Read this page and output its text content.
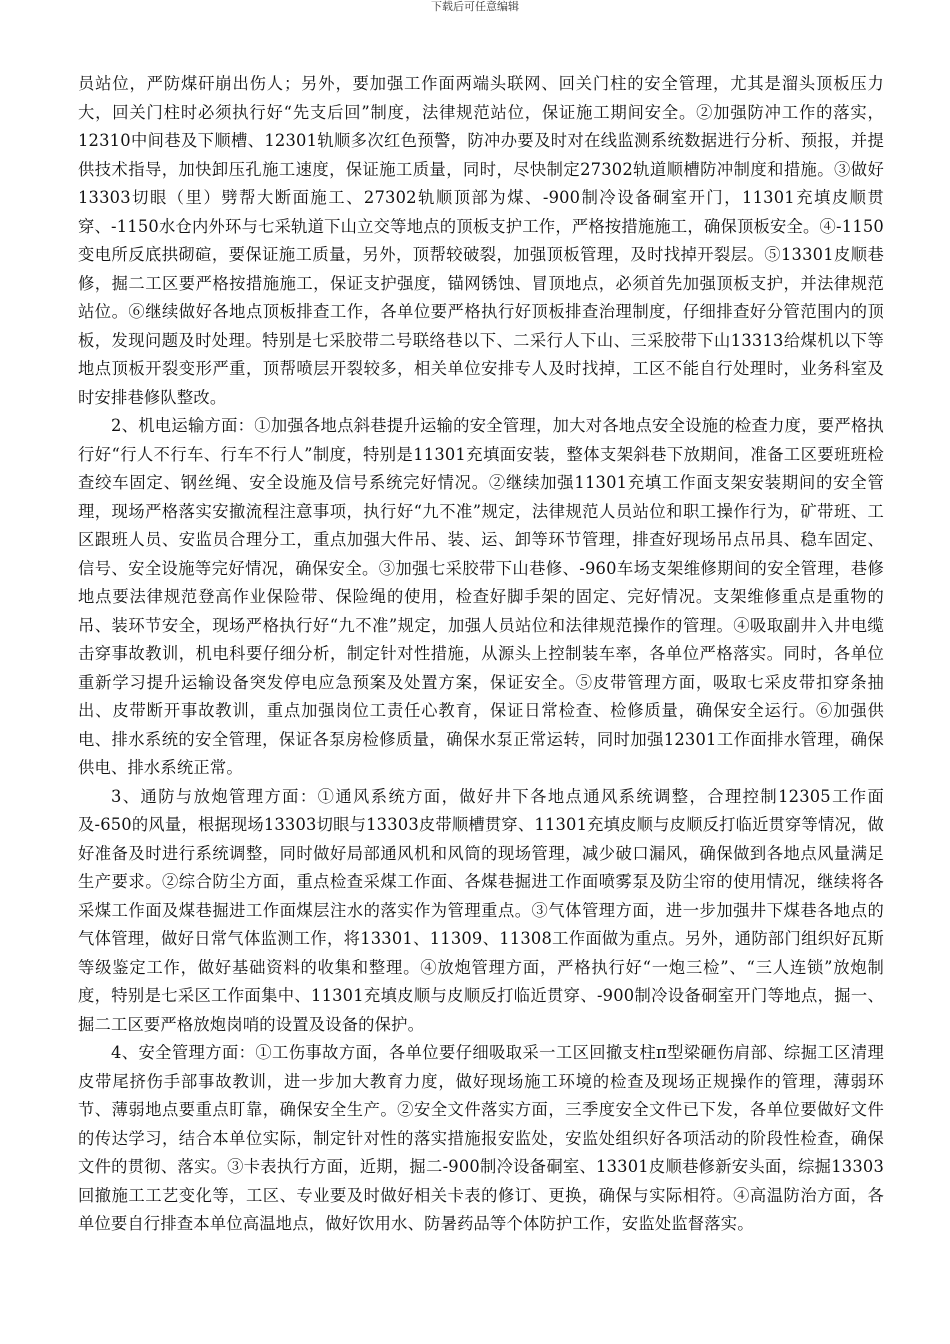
下载后可任意编辑

员站位，严防煤矸崩出伤人；另外，要加强工作面两端头联网、回关门柱的安全管理，尤其是溜头顶板压力大，回关门柱时必须执行好“先支后回”制度，法律规范站位，保证施工期间安全。②加强防冲工作的落实，12310中间巷及下顺槽、12301轨顺多次红色预警，防冲办要及时对在线监测系统数据进行分析、预报，并提供技术指导，加快卸压孔施工速度，保证施工质量，同时，尽快制定27302轨道顺槽防冲制度和措施。③做好13303切眼（里）劈帮大断面施工、27302轨顺顶部为煤、-900制冷设备硐室开门，11301充填皮顺贯穿、-1150水仓内外环与七采轨道下山立交等地点的顶板支护工作，严格按措施施工，确保顶板安全。④-1150变电所反底拱砌碹，要保证施工质量，另外，顶帮较破裂，加强顶板管理，及时找掉开裂层。⑤13301皮顺巷修，掘二工区要严格按措施施工，保证支护强度，锚网锈蚀、冒顶地点，必须首先加强顶板支护，并法律规范站位。⑥继续做好各地点顶板排查工作，各单位要严格执行好顶板排查治理制度，仔细排查好分管范围内的顶板，发现问题及时处理。特别是七采胶带二号联络巷以下、二采行人下山、三采胶带下山13313给煤机以下等地点顶板开裂变形严重，顶帮喷层开裂较多，相关单位安排专人及时找掉，工区不能自行处理时，业务科室及时安排巷修队整改。

2、机电运输方面：①加强各地点斜巷提升运输的安全管理，加大对各地点安全设施的检查力度，要严格执行好“行人不行车、行车不行人”制度，特别是11301充填面安装，整体支架斜巷下放期间，准备工区要班班检查绞车固定、钢丝绳、安全设施及信号系统完好情况。②继续加强11301充填工作面支架安装期间的安全管理，现场严格落实安撤流程注意事项，执行好“九不准”规定，法律规范人员站位和职工操作行为，矿带班、工区跟班人员、安监员合理分工，重点加强大件吊、装、运、卸等环节管理，排查好现场吊点吊具、稳车固定、信号、安全设施等完好情况，确保安全。③加强七采胶带下山巷修、-960车场支架维修期间的安全管理，巷修地点要法律规范登高作业保险带、保险绳的使用，检查好脚手架的固定、完好情况。支架维修重点是重物的吊、装环节安全，现场严格执行好“九不准”规定，加强人员站位和法律规范操作的管理。④吸取副井入井电缆击穿事故教训，机电科要仔细分析，制定针对性措施，从源头上控制装车率，各单位严格落实。同时，各单位重新学习提升运输设备突发停电应急预案及处置方案，保证安全。⑤皮带管理方面，吸取七采皮带扣穿条抽出、皮带断开事故教训，重点加强岗位工责任心教育，保证日常检查、检修质量，确保安全运行。⑥加强供电、排水系统的安全管理，保证各泵房检修质量，确保水泵正常运转，同时加强12301工作面排水管理，确保供电、排水系统正常。

3、通防与放炮管理方面：①通风系统方面，做好井下各地点通风系统调整，合理控制12305工作面及-650的风量，根据现场13303切眼与13303皮带顺槽贯穿、11301充填皮顺与皮顺反打临近贯穿等情况，做好准备及时进行系统调整，同时做好局部通风机和风筒的现场管理，减少破口漏风，确保做到各地点风量满足生产要求。②综合防尘方面，重点检查采煤工作面、各煤巷掘进工作面喷雾泵及防尘帘的使用情况，继续将各采煤工作面及煤巷掘进工作面煤层注水的落实作为管理重点。③气体管理方面，进一步加强井下煤巷各地点的气体管理，做好日常气体监测工作，将13301、11309、11308工作面做为重点。另外，通防部门组织好瓦斯等级鉴定工作，做好基础资料的收集和整理。④放炮管理方面，严格执行好“一炮三检”、“三人连锁”放炮制度，特别是七采区工作面集中、11301充填皮顺与皮顺反打临近贯穿、-900制冷设备硐室开门等地点，掘一、掘二工区要严格放炮岗哨的设置及设备的保护。

4、安全管理方面：①工伤事故方面，各单位要仔细吸取采一工区回撤支柱π型梁砸伤肩部、综掘工区清理皮带尾挤伤手部事故教训，进一步加大教育力度，做好现场施工环境的检查及现场正规操作的管理，薄弱环节、薄弱地点要重点盯靠，确保安全生产。②安全文件落实方面，三季度安全文件已下发，各单位要做好文件的传达学习，结合本单位实际，制定针对性的落实措施报安监处，安监处组织好各项活动的阶段性检查，确保文件的贯彻、落实。③卡表执行方面，近期，掘二-900制冷设备硐室、13301皮顺巷修新安头面，综掘13303回撤施工工艺变化等，工区、专业要及时做好相关卡表的修订、更换，确保与实际相符。④高温防治方面，各单位要自行排查本单位高温地点，做好饮用水、防暑药品等个体防护工作，安监处监督落实。
